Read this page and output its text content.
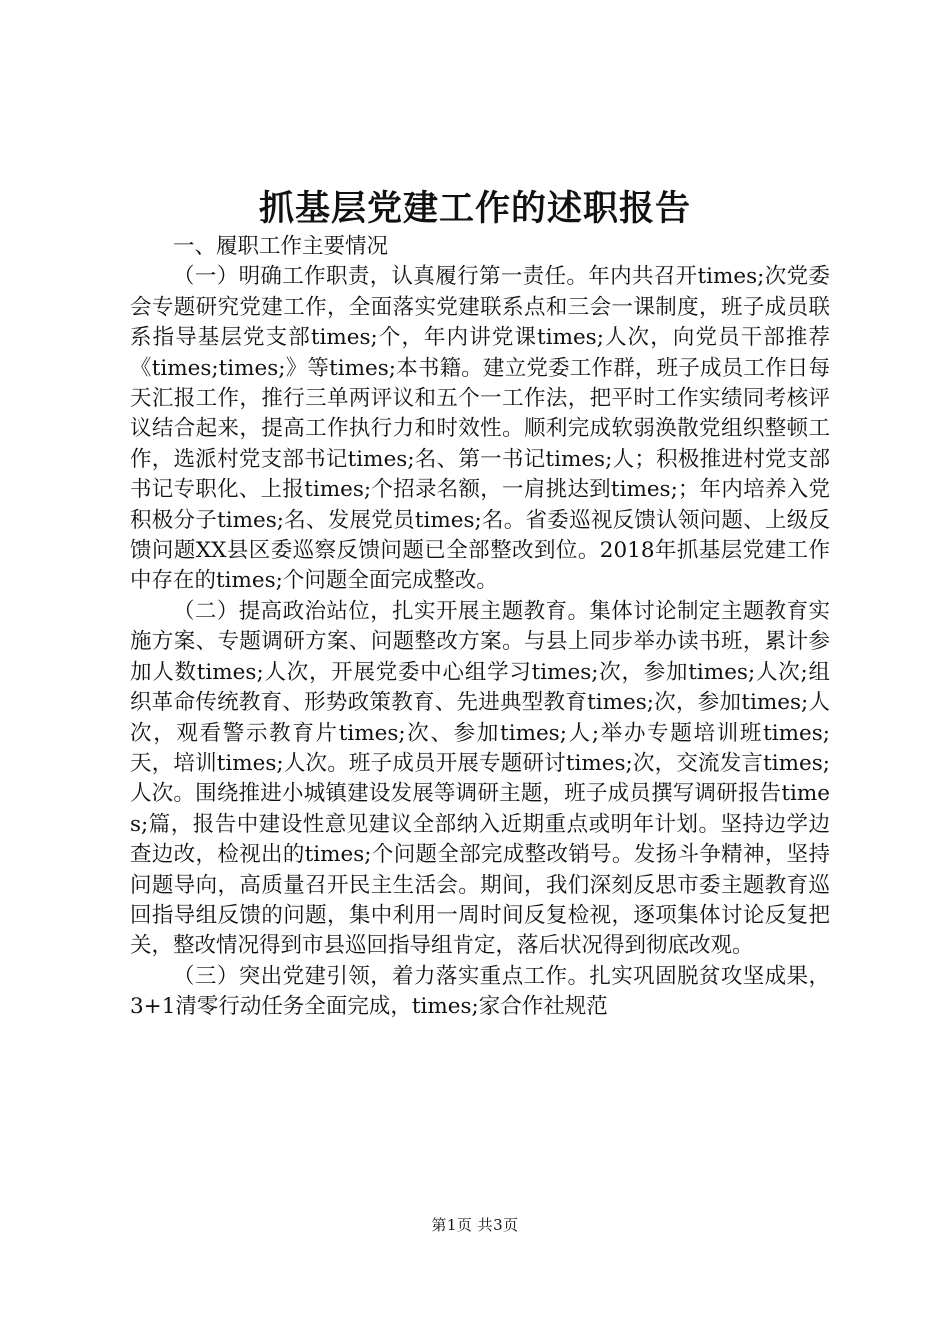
抓基层党建工作的述职报告

一、履职工作主要情况

（一）明确工作职责，认真履行第一责任。年内共召开times;次党委会专题研究党建工作，全面落实党建联系点和三会一课制度，班子成员联系指导基层党支部times;个，年内讲党课times;人次，向党员干部推荐《times;times;》等times;本书籍。建立党委工作群，班子成员工作日每天汇报工作，推行三单两评议和五个一工作法，把平时工作实绩同考核评议结合起来，提高工作执行力和时效性。顺利完成软弱涣散党组织整顿工作，选派村党支部书记times;名、第一书记times;人；积极推进村党支部书记专职化、上报times;个招录名额，一肩挑达到times;；年内培养入党积极分子times;名、发展党员times;名。省委巡视反馈认领问题、上级反馈问题XX县区委巡察反馈问题已全部整改到位。2018年抓基层党建工作中存在的times;个问题全面完成整改。

（二）提高政治站位，扎实开展主题教育。集体讨论制定主题教育实施方案、专题调研方案、问题整改方案。与县上同步举办读书班，累计参加人数times;人次，开展党委中心组学习times;次，参加times;人次;组织革命传统教育、形势政策教育、先进典型教育times;次，参加times;人次，观看警示教育片times;次、参加times;人;举办专题培训班times;天，培训times;人次。班子成员开展专题研讨times;次，交流发言times;人次。围绕推进小城镇建设发展等调研主题，班子成员撰写调研报告times;篇，报告中建设性意见建议全部纳入近期重点或明年计划。坚持边学边查边改，检视出的times;个问题全部完成整改销号。发扬斗争精神，坚持问题导向，高质量召开民主生活会。期间，我们深刻反思市委主题教育巡回指导组反馈的问题，集中利用一周时间反复检视，逐项集体讨论反复把关，整改情况得到市县巡回指导组肯定，落后状况得到彻底改观。

（三）突出党建引领，着力落实重点工作。扎实巩固脱贫攻坚成果，3+1清零行动任务全面完成，times;家合作社规范

第1页 共3页
